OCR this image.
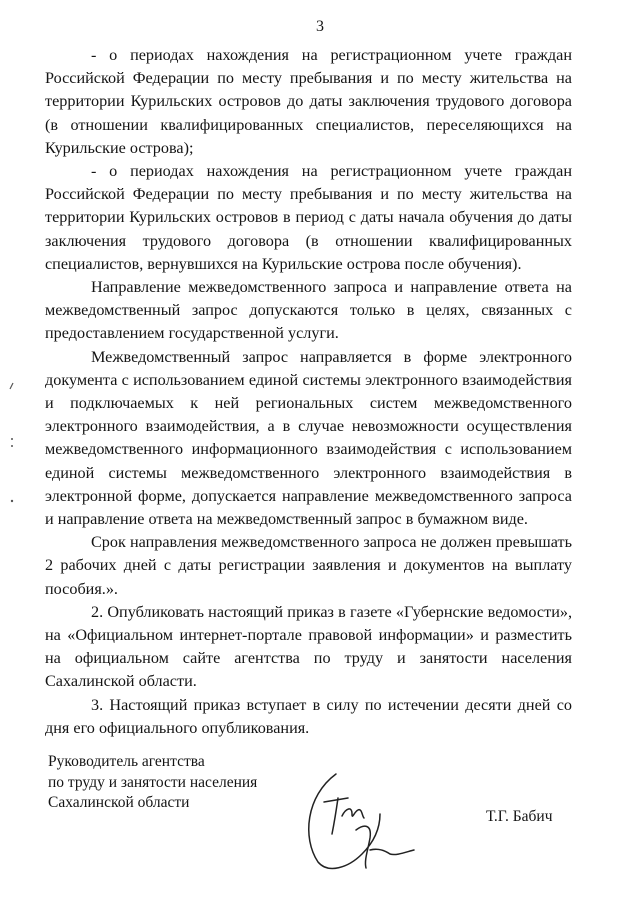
3

- о периодах нахождения на регистрационном учете граждан Российской Федерации по месту пребывания и по месту жительства на территории Курильских островов до даты заключения трудового договора (в отношении квалифицированных специалистов, переселяющихся на Курильские острова);

- о периодах нахождения на регистрационном учете граждан Российской Федерации по месту пребывания и по месту жительства на территории Курильских островов в период с даты начала обучения до даты заключения трудового договора (в отношении квалифицированных специалистов, вернувшихся на Курильские острова после обучения).

Направление межведомственного запроса и направление ответа на межведомственный запрос допускаются только в целях, связанных с предоставлением государственной услуги.

Межведомственный запрос направляется в форме электронного документа с использованием единой системы электронного взаимодействия и подключаемых к ней региональных систем межведомственного электронного взаимодействия, а в случае невозможности осуществления межведомственного информационного взаимодействия с использованием единой системы межведомственного электронного взаимодействия в электронной форме, допускается направление межведомственного запроса и направление ответа на межведомственный запрос в бумажном виде.

Срок направления межведомственного запроса не должен превышать 2 рабочих дней с даты регистрации заявления и документов на выплату пособия.».

2. Опубликовать настоящий приказ в газете «Губернские ведомости», на «Официальном интернет-портале правовой информации» и разместить на официальном сайте агентства по труду и занятости населения Сахалинской области.

3. Настоящий приказ вступает в силу по истечении десяти дней со дня его официального опубликования.

Руководитель агентства
по труду и занятости населения
Сахалинской области
Т.Г. Бабич
